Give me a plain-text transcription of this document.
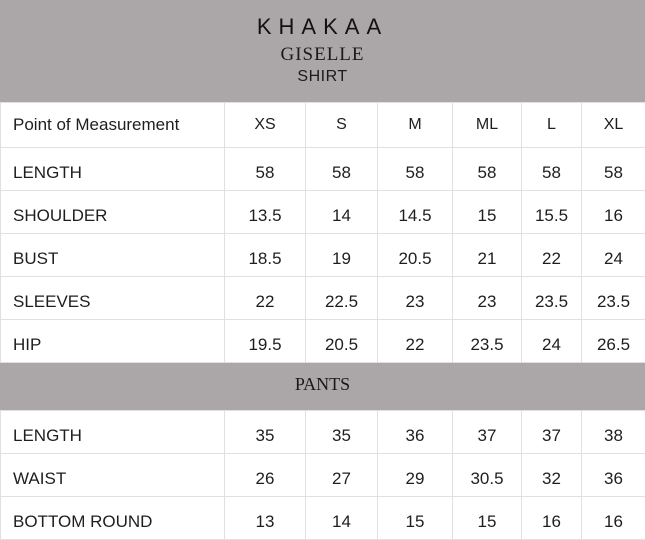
KHAKAA
GISELLE
SHIRT
Point of Measurement	XS	S	M	ML	L	XL
LENGTH	58	58	58	58	58	58
SHOULDER	13.5	14	14.5	15	15.5	16
BUST	18.5	19	20.5	21	22	24
SLEEVES	22	22.5	23	23	23.5	23.5
HIP	19.5	20.5	22	23.5	24	26.5
PANTS
LENGTH	35	35	36	37	37	38
WAIST	26	27	29	30.5	32	36
BOTTOM ROUND	13	14	15	15	16	16
